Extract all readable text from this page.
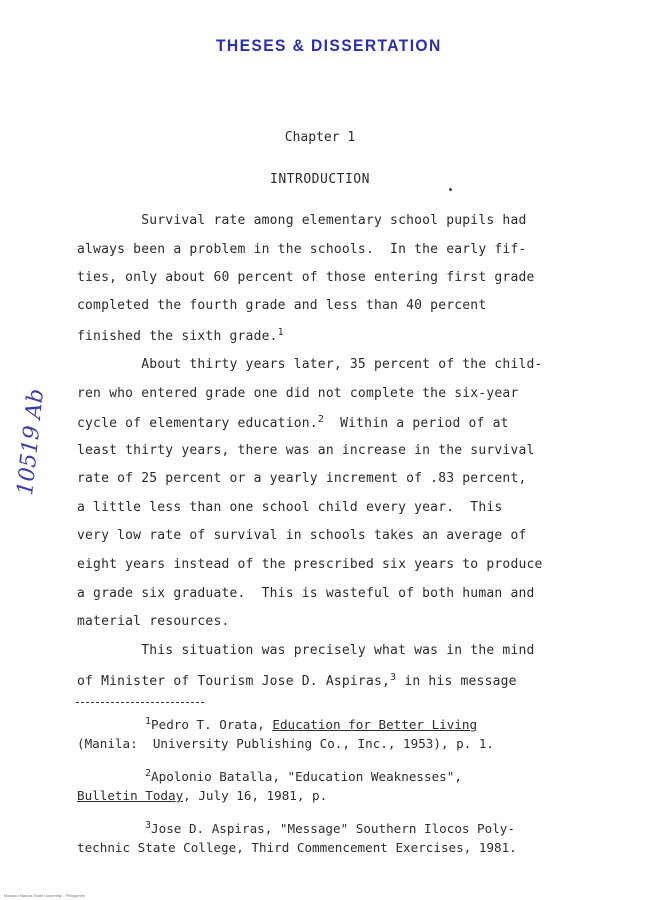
THESES & DISSERTATION
Chapter 1
INTRODUCTION
Survival rate among elementary school pupils had
always been a problem in the schools.  In the early fif-
ties, only about 60 percent of those entering first grade
completed the fourth grade and less than 40 percent
finished the sixth grade.$^1$
About thirty years later, 35 percent of the child-
ren who entered grade one did not complete the six-year
cycle of elementary education.$^2$  Within a period of at
least thirty years, there was an increase in the survival
rate of 25 percent or a yearly increment of .83 percent,
a little less than one school child every year.  This
very low rate of survival in schools takes an average of
eight years instead of the prescribed six years to produce
a grade six graduate.  This is wasteful of both human and
material resources.
This situation was precisely what was in the mind
of Minister of Tourism Jose D. Aspiras,$^3$ in his message
$^1$Pedro T. Orata, Education for Better Living
(Manila:  University Publishing Co., Inc., 1953), p. 1.
$^2$Apolonio Batalla, "Education Weaknesses",
Bulletin Today, July 16, 1981, p.
$^3$Jose D. Aspiras, "Message" Southern Ilocos Poly-
technic State College, Third Commencement Exercises, 1981.
10519 Ab
Mariano Marcos State University - Philippines
